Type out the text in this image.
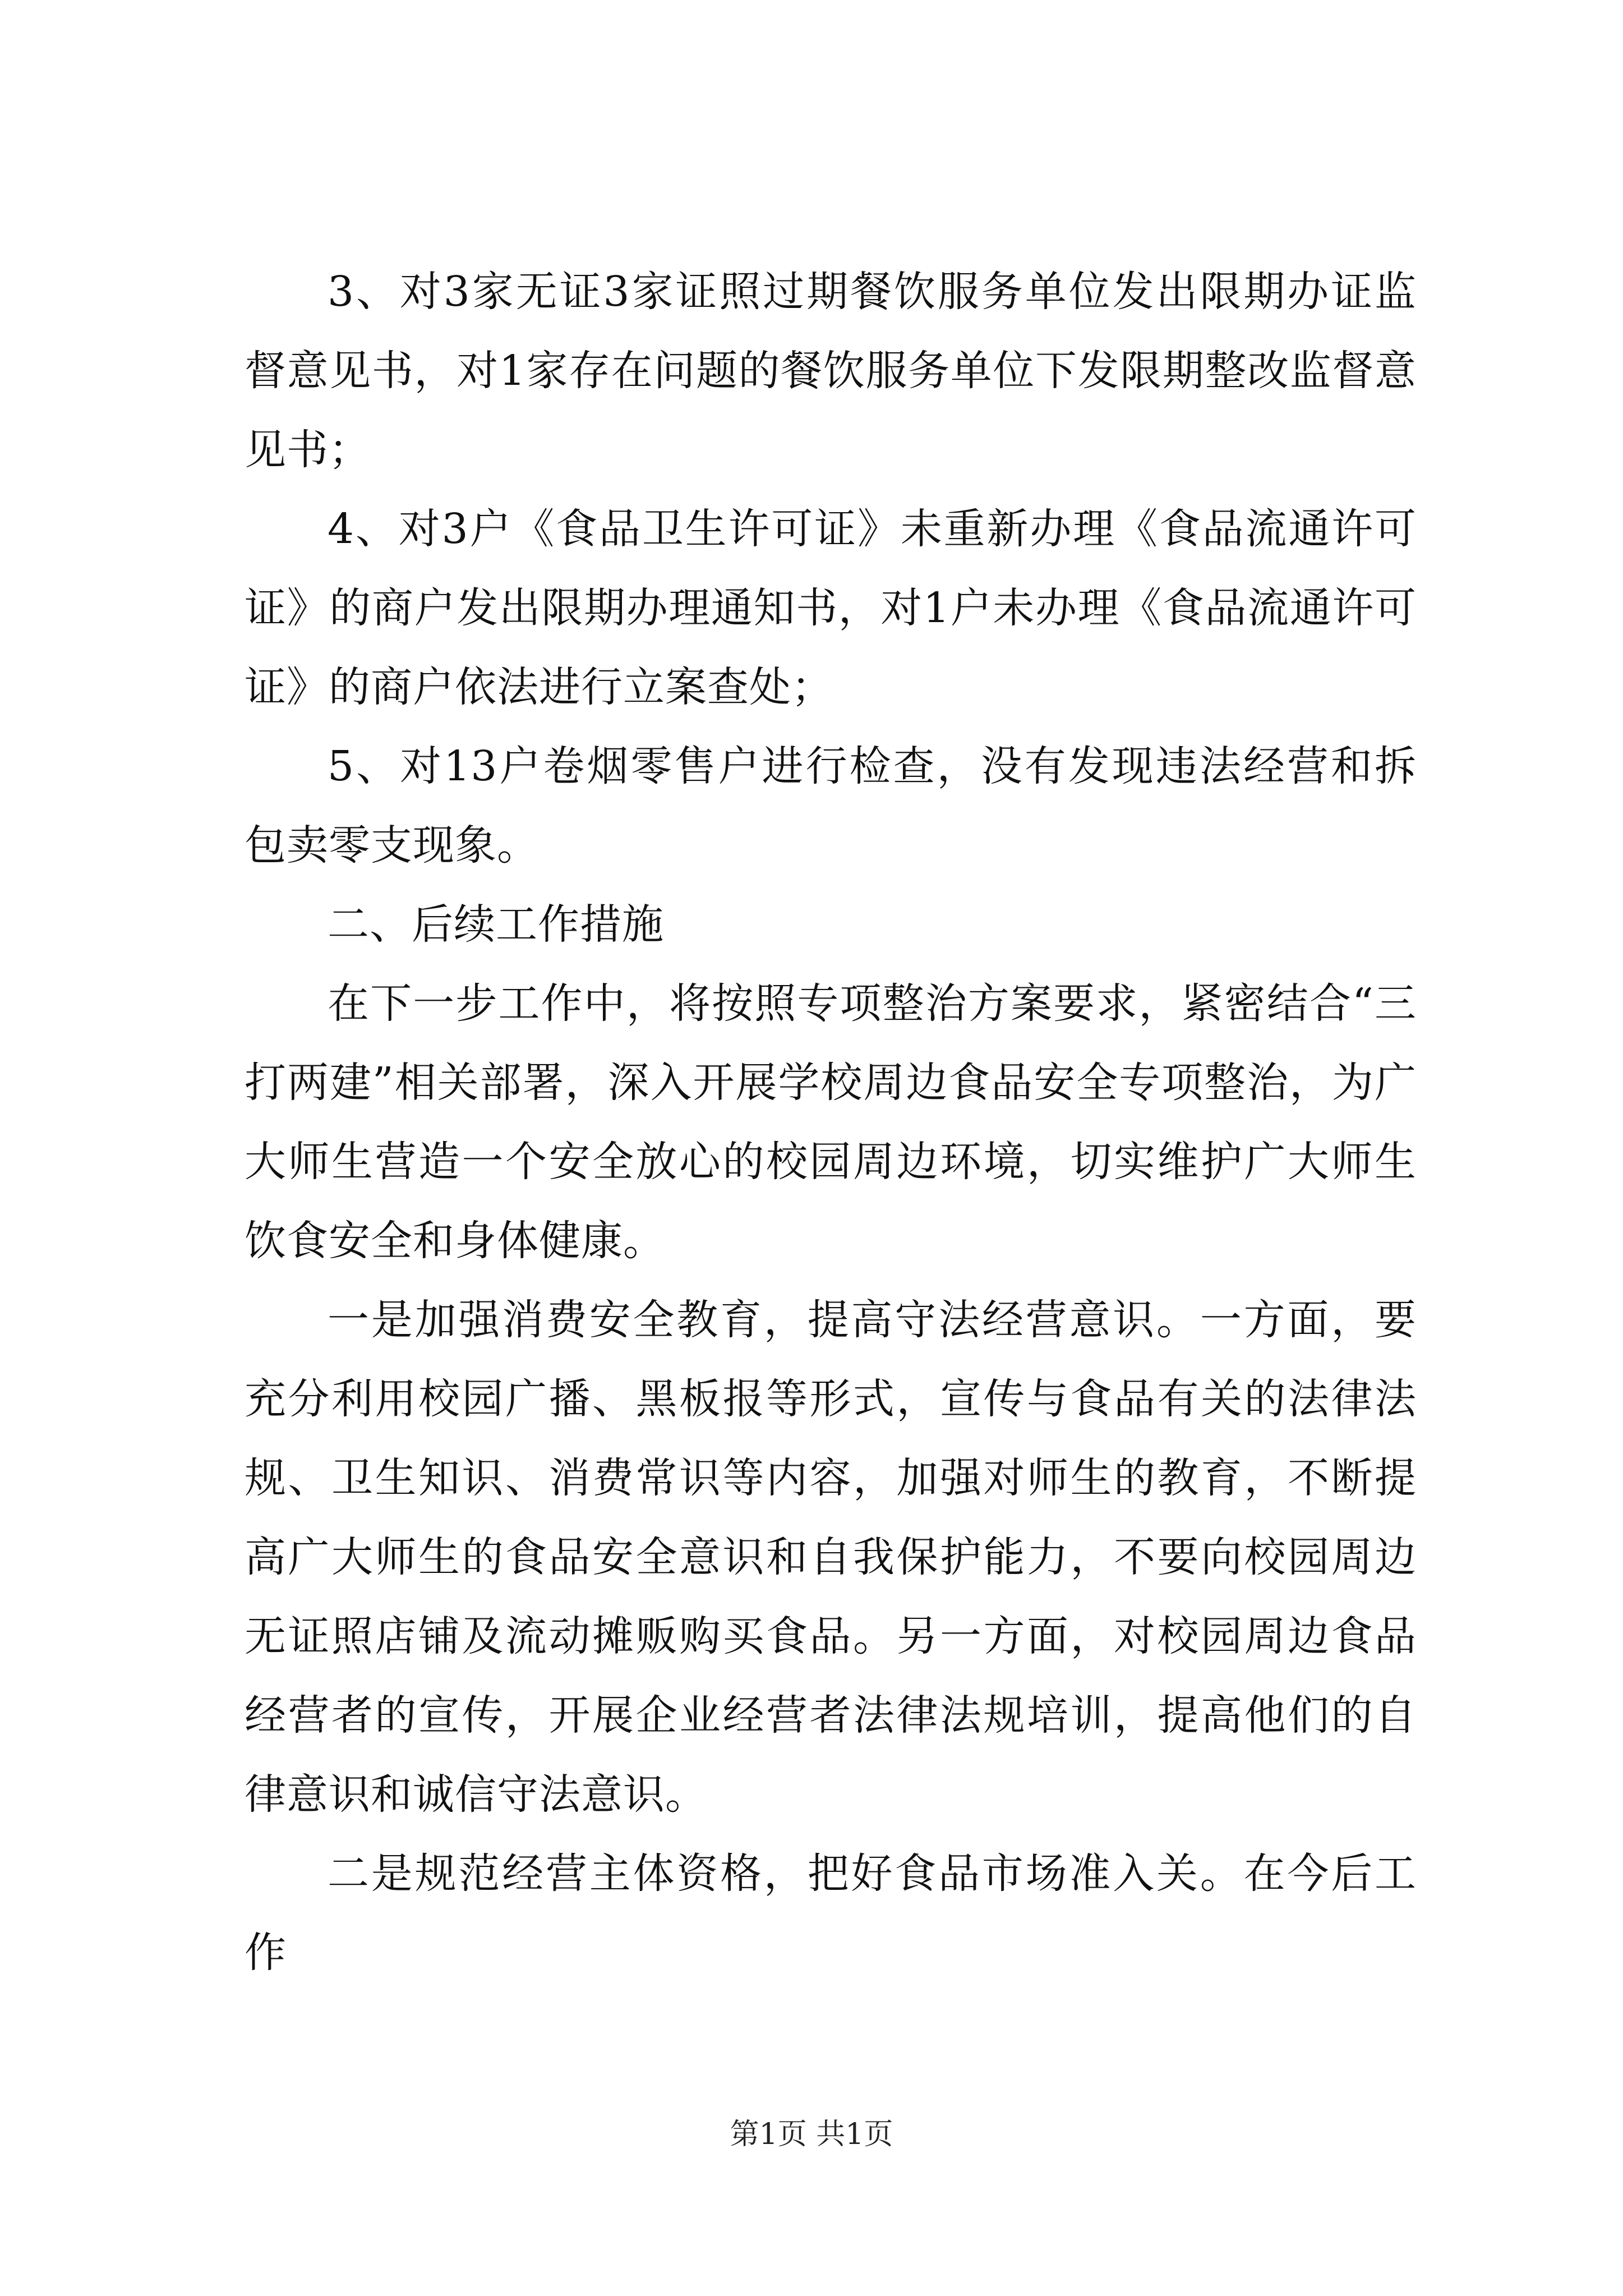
3、对3家无证3家证照过期餐饮服务单位发出限期办证监督意见书，对1家存在问题的餐饮服务单位下发限期整改监督意见书；

4、对3户《食品卫生许可证》未重新办理《食品流通许可证》的商户发出限期办理通知书，对1户未办理《食品流通许可证》的商户依法进行立案查处；

5、对13户卷烟零售户进行检查，没有发现违法经营和拆包卖零支现象。

二、后续工作措施

在下一步工作中，将按照专项整治方案要求，紧密结合“三打两建”相关部署，深入开展学校周边食品安全专项整治，为广大师生营造一个安全放心的校园周边环境，切实维护广大师生饮食安全和身体健康。

一是加强消费安全教育，提高守法经营意识。一方面，要充分利用校园广播、黑板报等形式，宣传与食品有关的法律法规、卫生知识、消费常识等内容，加强对师生的教育，不断提高广大师生的食品安全意识和自我保护能力，不要向校园周边无证照店铺及流动摊贩购买食品。另一方面，对校园周边食品经营者的宣传，开展企业经营者法律法规培训，提高他们的自律意识和诚信守法意识。

二是规范经营主体资格，把好食品市场准入关。在今后工作

第1页 共1页
